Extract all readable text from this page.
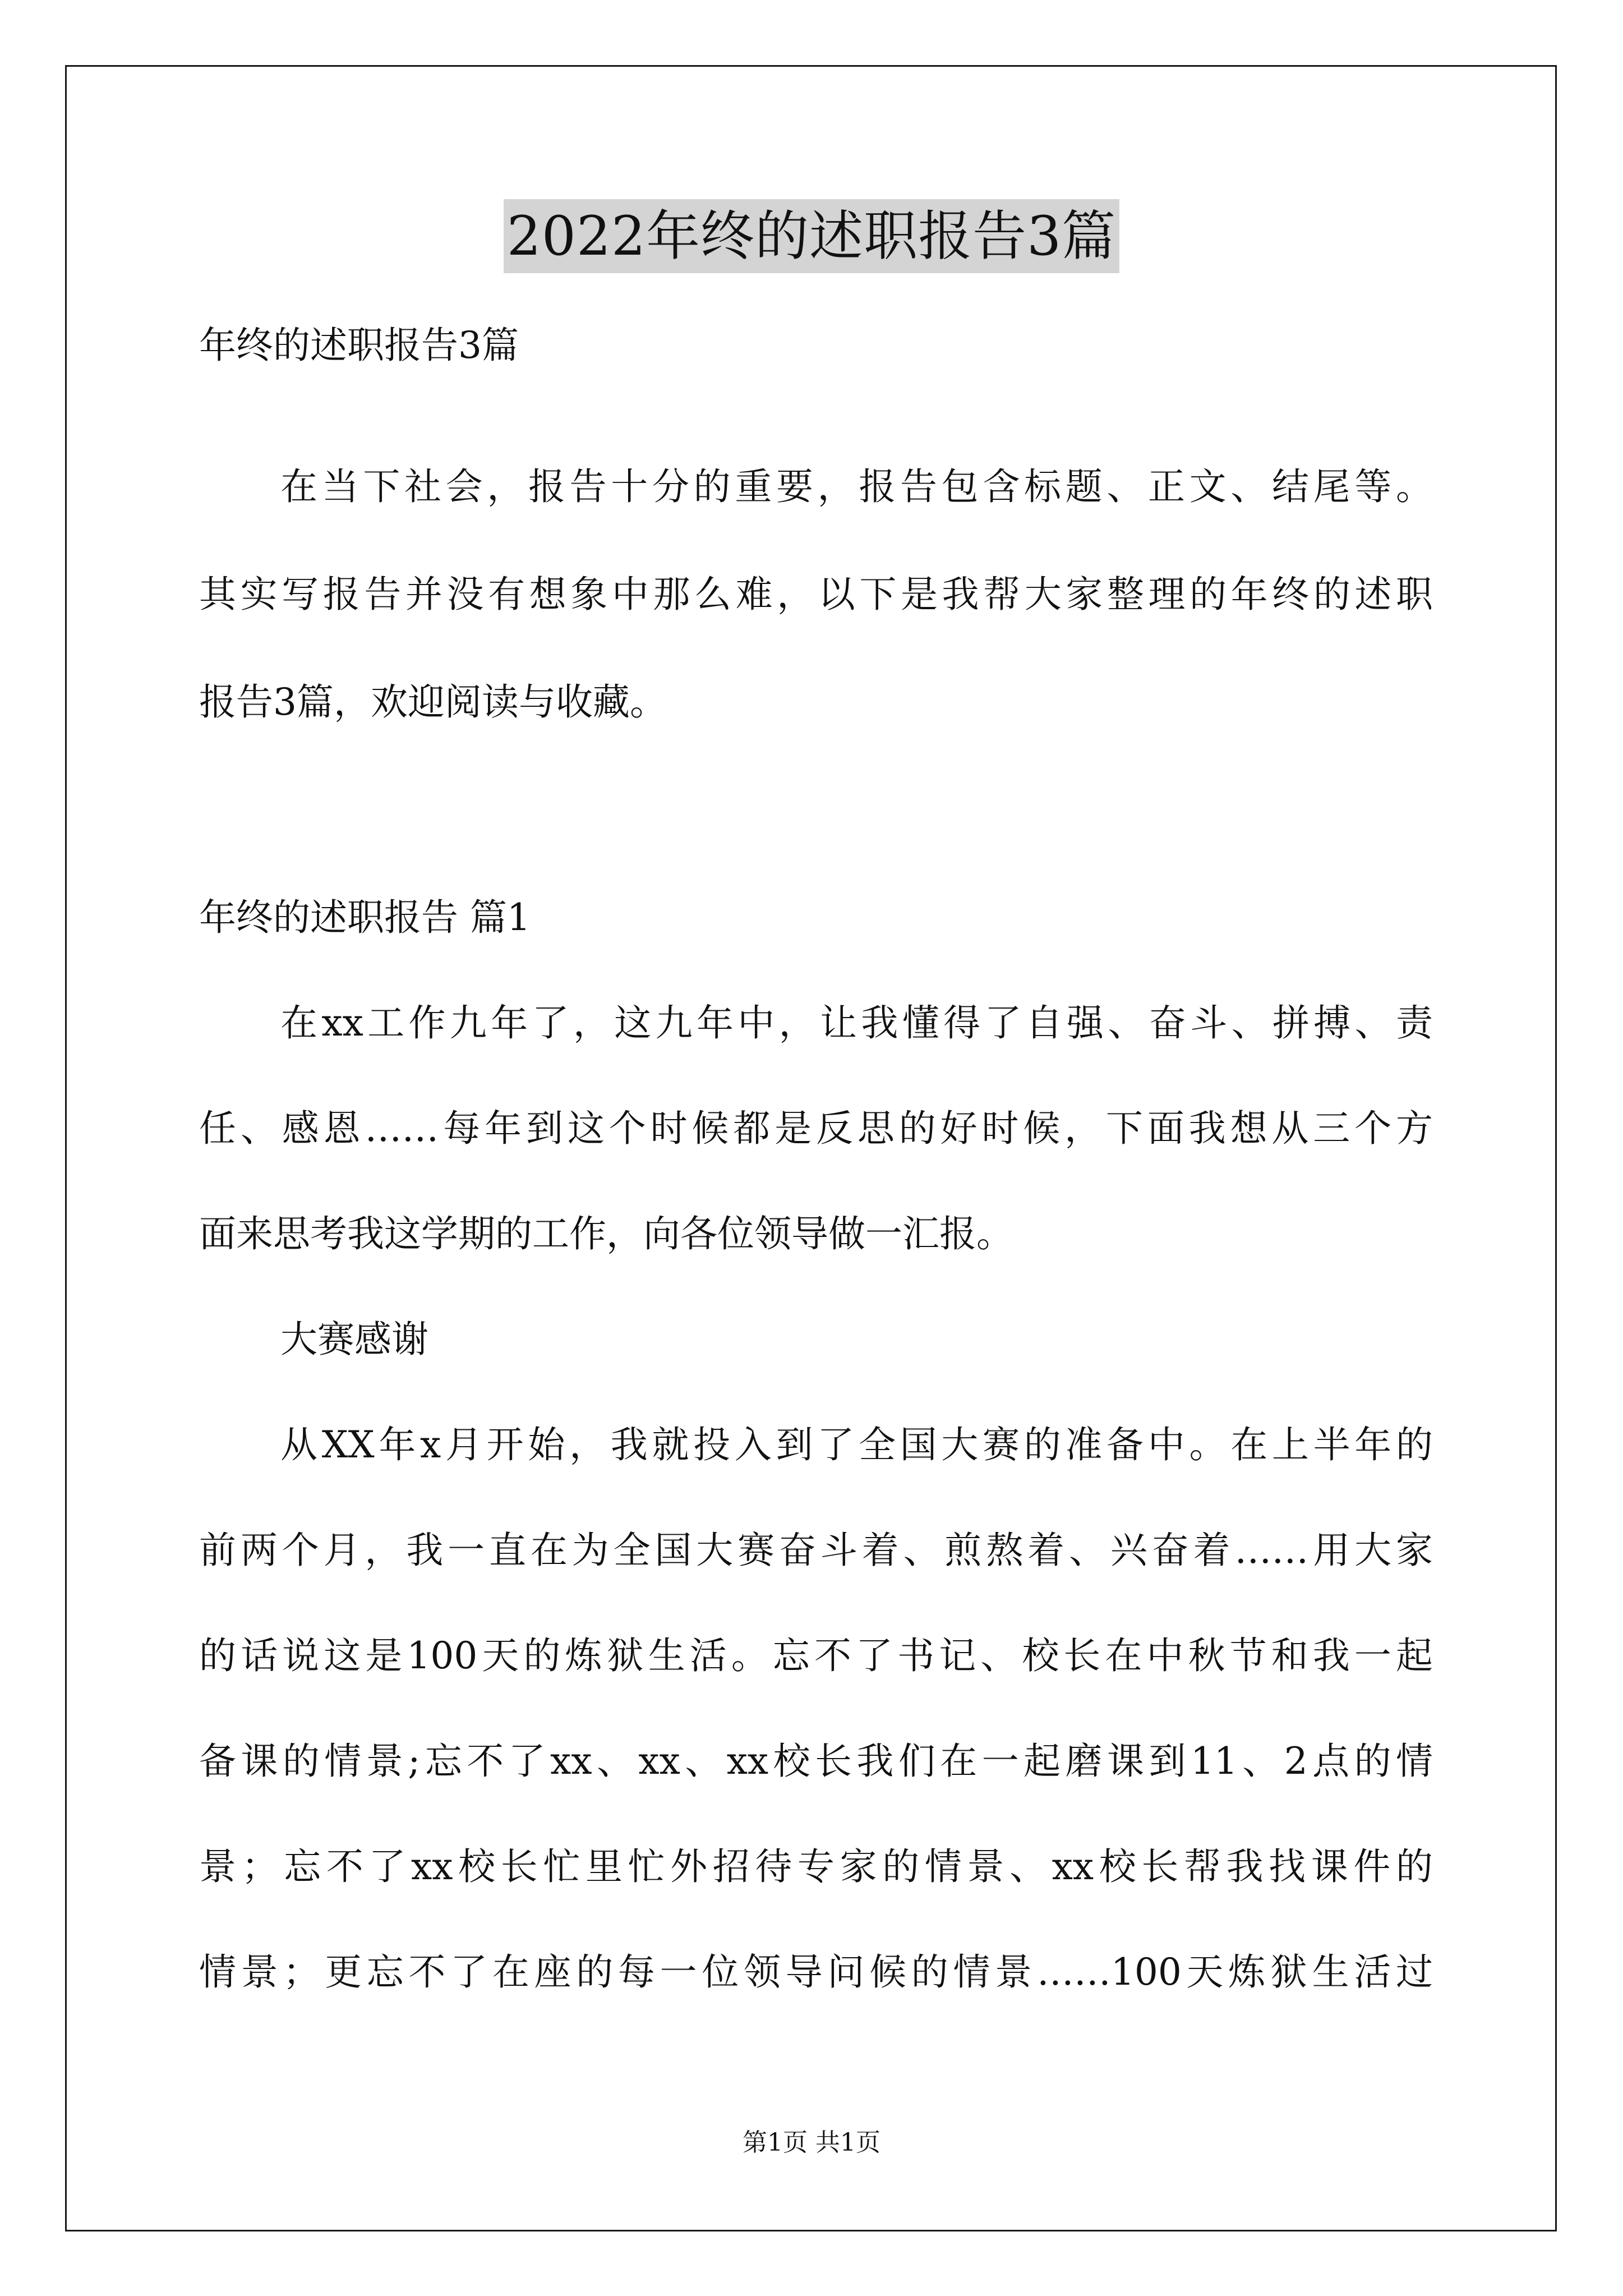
2022年终的述职报告3篇
年终的述职报告3篇
在当下社会，报告十分的重要，报告包含标题、正文、结尾等。
其实写报告并没有想象中那么难，以下是我帮大家整理的年终的述职
报告3篇，欢迎阅读与收藏。
年终的述职报告 篇1
在xx工作九年了，这九年中，让我懂得了自强、奋斗、拼搏、责
任、感恩……每年到这个时候都是反思的好时候，下面我想从三个方
面来思考我这学期的工作，向各位领导做一汇报。
大赛感谢
从XX年x月开始，我就投入到了全国大赛的准备中。在上半年的
前两个月，我一直在为全国大赛奋斗着、煎熬着、兴奋着……用大家
的话说这是100天的炼狱生活。忘不了书记、校长在中秋节和我一起
备课的情景;忘不了xx、xx、xx校长我们在一起磨课到11、2点的情
景；忘不了xx校长忙里忙外招待专家的情景、xx校长帮我找课件的
情景；更忘不了在座的每一位领导问候的情景……100天炼狱生活过
第1页 共1页
